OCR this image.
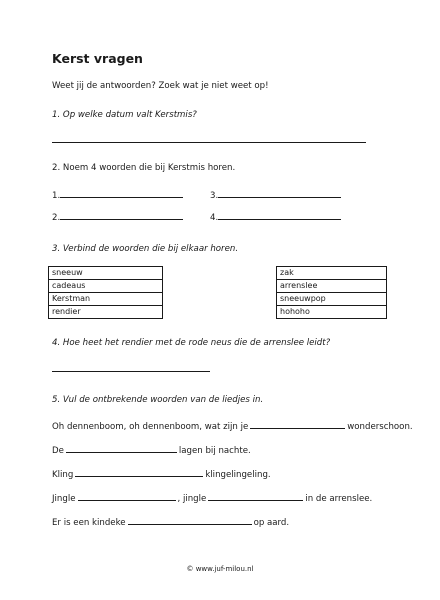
Kerst vragen
Weet jij de antwoorden? Zoek wat je niet weet op!
1. Op welke datum valt Kerstmis?
2. Noem 4 woorden die bij Kerstmis horen.
1.
2.
3.
4.
3. Verbind de woorden die bij elkaar horen.
sneeuw
cadeaus
Kerstman
rendier
zak
arrenslee
sneeuwpop
hohoho
4. Hoe heet het rendier met de rode neus die de arrenslee leidt?
5. Vul de ontbrekende woorden van de liedjes in.
Oh dennenboom, oh dennenboom, wat zijn je	wonderschoon.
De	lagen bij nachte.
Kling	klingelingeling.
Jingle	, jingle	in de arrenslee.
Er is een kindeke	op aard.
© www.juf-milou.nl
